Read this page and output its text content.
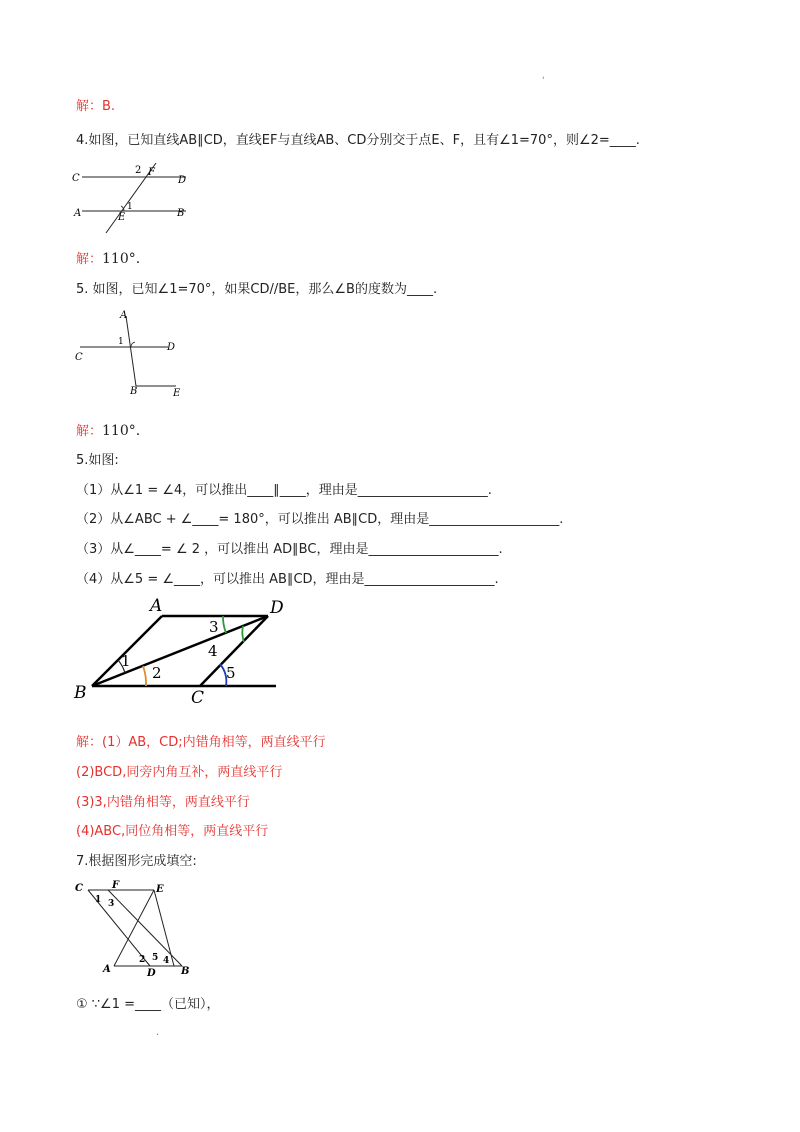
'
解：B.
4.如图，已知直线AB∥CD，直线EF与直线AB、CD分别交于点E、F，且有∠1=70°，则∠2=____.
C	D
A	B
F
E
2
1
解：110°.
5. 如图，已知∠1=70°，如果CD//BE，那么∠B的度数为____.
A
C
D
B	E
1
解：110°.
5.如图:
（1）从∠1 = ∠4，可以推出____∥____，理由是____________________.
（2）从∠ABC + ∠____= 180°，可以推出 AB∥CD，理由是____________________.
（3）从∠____= ∠ 2 ，可以推出 AD∥BC，理由是____________________.
（4）从∠5 = ∠____，可以推出 AB∥CD，理由是____________________.
A	D
B	C
1
2
3
4
5
解：(1）AB，CD;内错角相等，两直线平行
(2)BCD,同旁内角互补，两直线平行
(3)3,内错角相等，两直线平行
(4)ABC,同位角相等，两直线平行
7.根据图形完成填空:
C	F	E
A	D	B
1 3
2 5 4
① ∵∠1 =____（已知），
.
